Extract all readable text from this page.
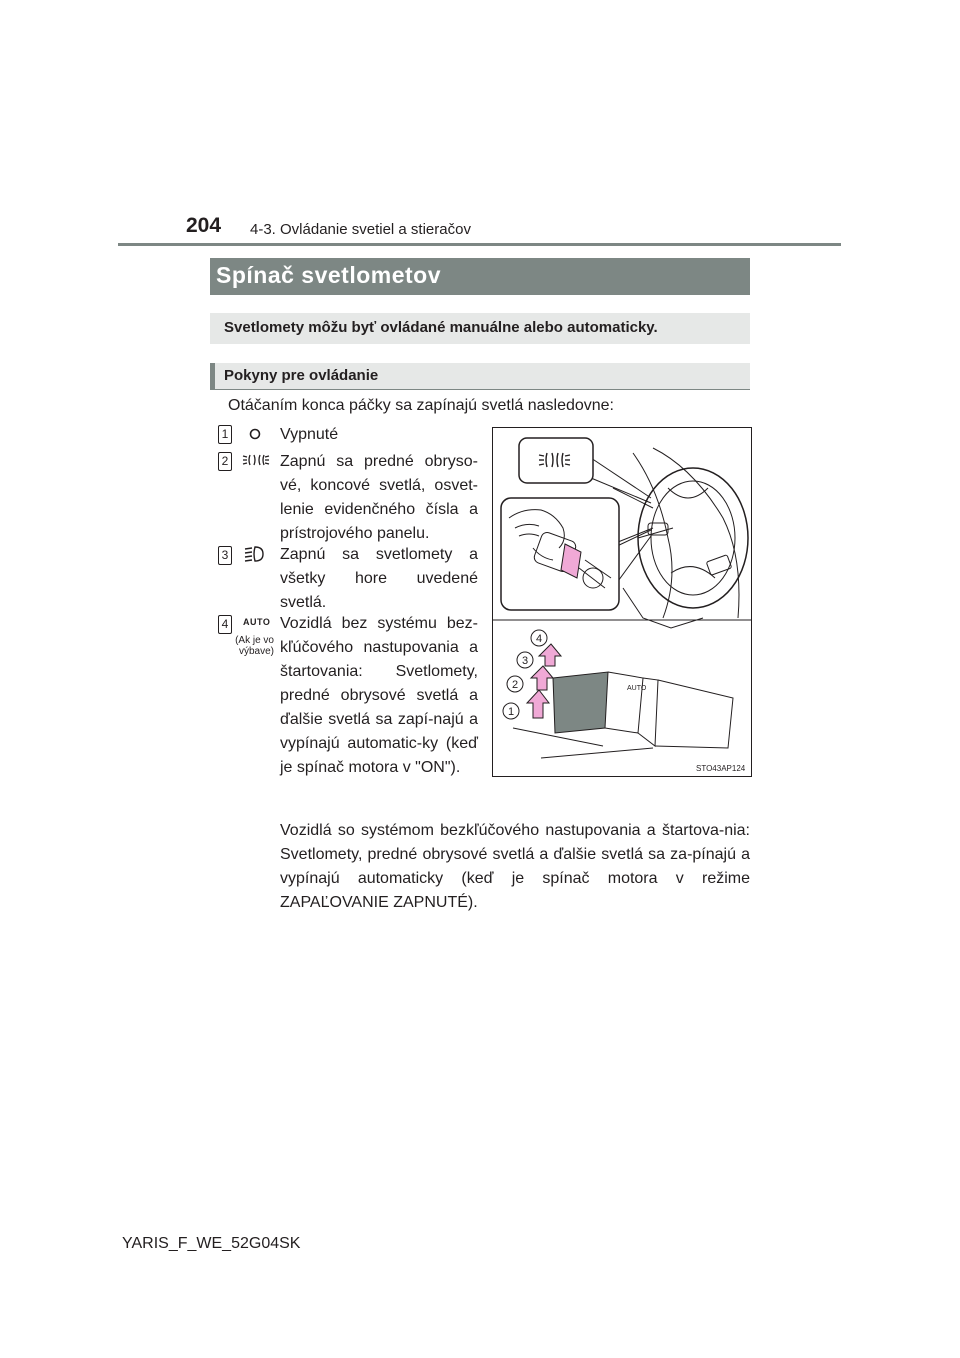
204 4-3. Ovládanie svetiel a stieračov
Spínač svetlometov
Svetlomety môžu byť ovládané manuálne alebo automaticky.
Pokyny pre ovládanie
Otáčaním konca páčky sa zapínajú svetlá nasledovne:
1	Vypnuté
2	Zapnú sa predné obryso-vé, koncové svetlá, osvet-lenie evidenčného čísla a prístrojového panelu.
3	Zapnú sa svetlomety a všetky hore uvedené svetlá.
4	AUTO
(Ak je vo výbave)
Vozidlá bez systému bez-kľúčového nastupovania a štartovania: Svetlomety, predné obrysové svetlá a ďalšie svetlá sa zapí-najú a vypínajú automatic-ky (keď je spínač motora v "ON").
AUTO
4
3
2
1
STO43AP124
Vozidlá so systémom bezkľúčového nastupovania a štartova-nia: Svetlomety, predné obrysové svetlá a ďalšie svetlá sa za-pínajú a vypínajú automaticky (keď je spínač motora v režime ZAPAĽOVANIE ZAPNUTÉ).
YARIS_F_WE_52G04SK
